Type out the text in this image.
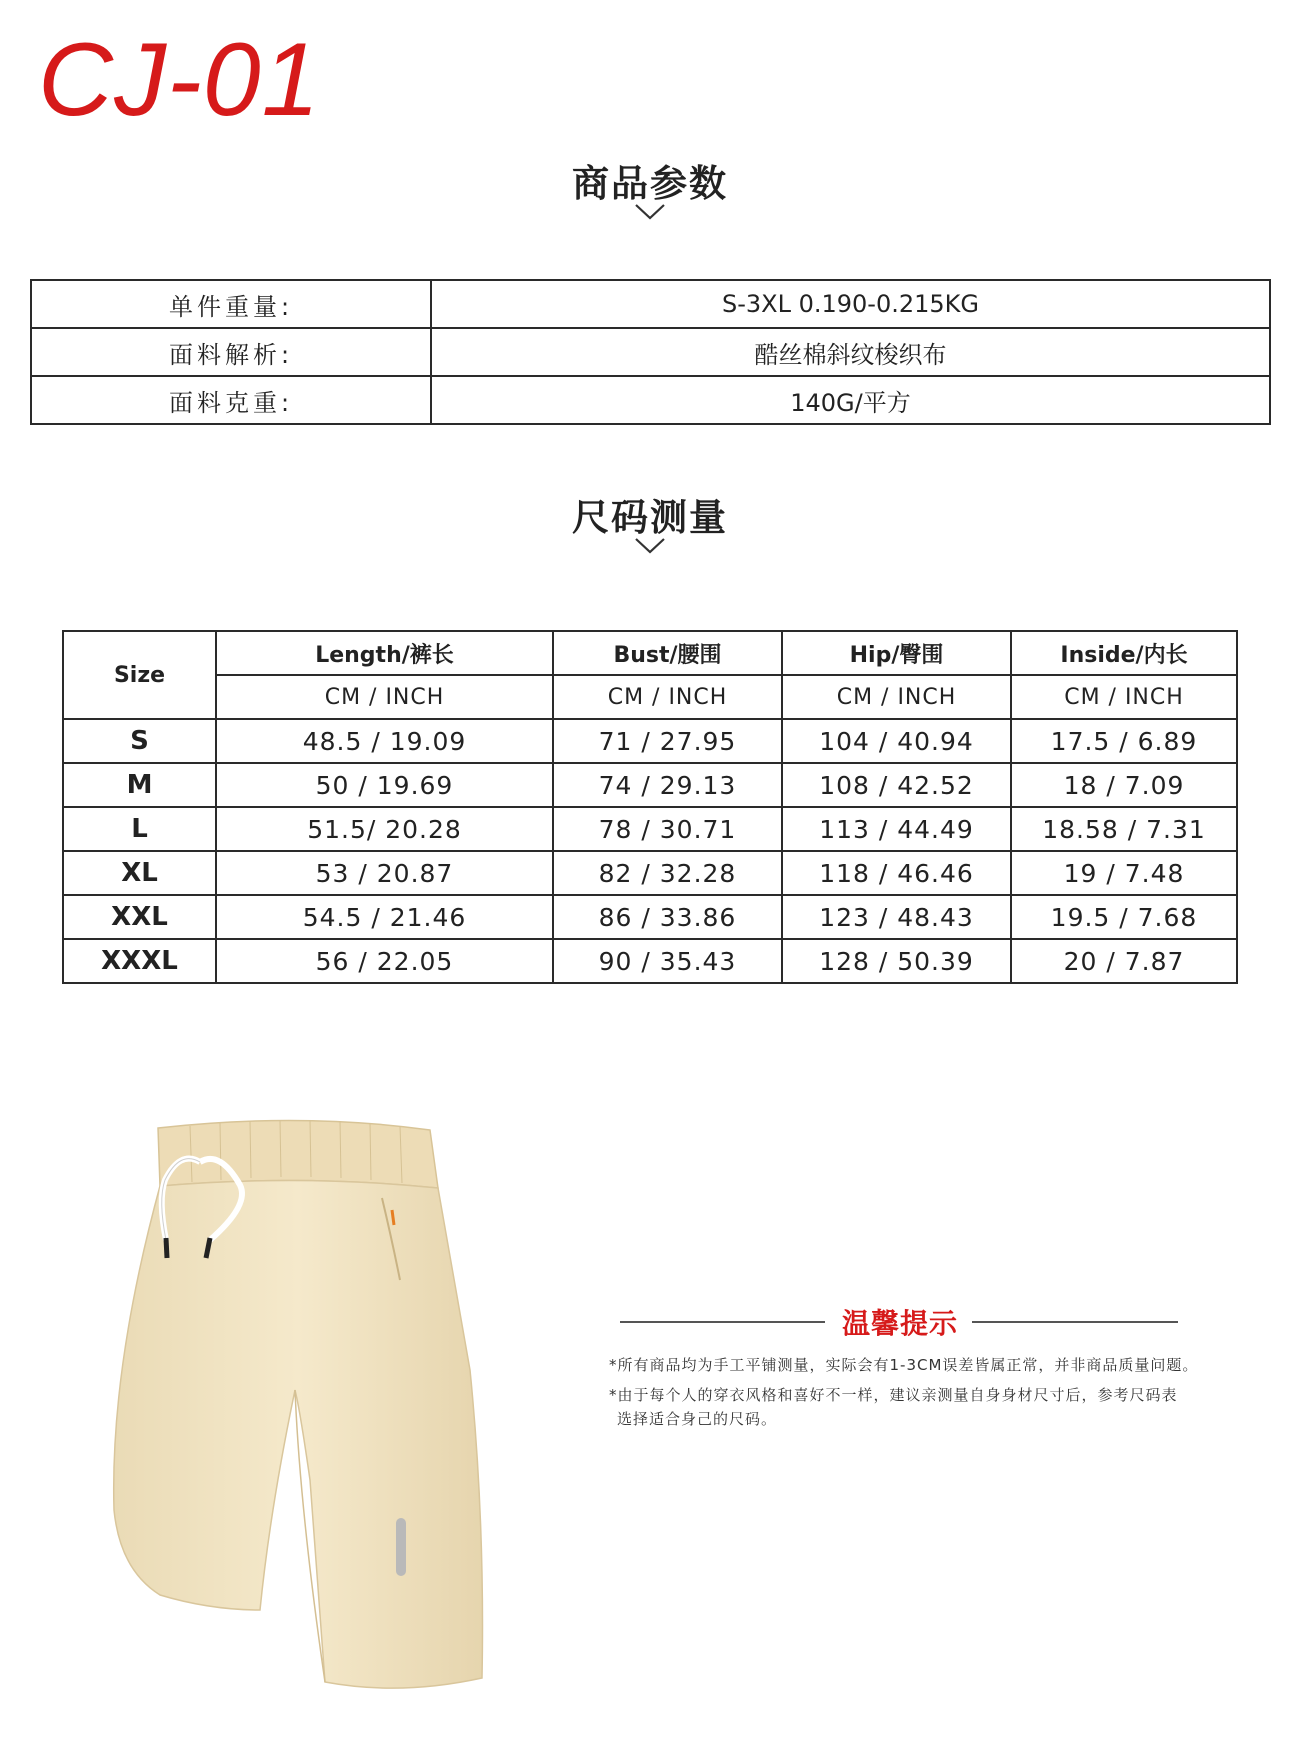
CJ-01
商品参数
单件重量:	S-3XL 0.190-0.215KG
面料解析:	酷丝棉斜纹梭织布
面料克重:	140G/平方
尺码测量
Size	Length/裤长	Bust/腰围	Hip/臀围	Inside/内长
	CM / INCH	CM / INCH	CM / INCH	CM / INCH
S	48.5 / 19.09	71 / 27.95	104 / 40.94	17.5 / 6.89
M	50 / 19.69	74 / 29.13	108 / 42.52	18 / 7.09
L	51.5/ 20.28	78 / 30.71	113 / 44.49	18.58 / 7.31
XL	53 / 20.87	82 / 32.28	118 / 46.46	19 / 7.48
XXL	54.5 / 21.46	86 / 33.86	123 / 48.43	19.5 / 7.68
XXXL	56 / 22.05	90 / 35.43	128 / 50.39	20 / 7.87
温馨提示
*所有商品均为手工平铺测量，实际会有1-3CM误差皆属正常，并非商品质量问题。
*由于每个人的穿衣风格和喜好不一样，建议亲测量自身身材尺寸后，参考尺码表
选择适合身己的尺码。
